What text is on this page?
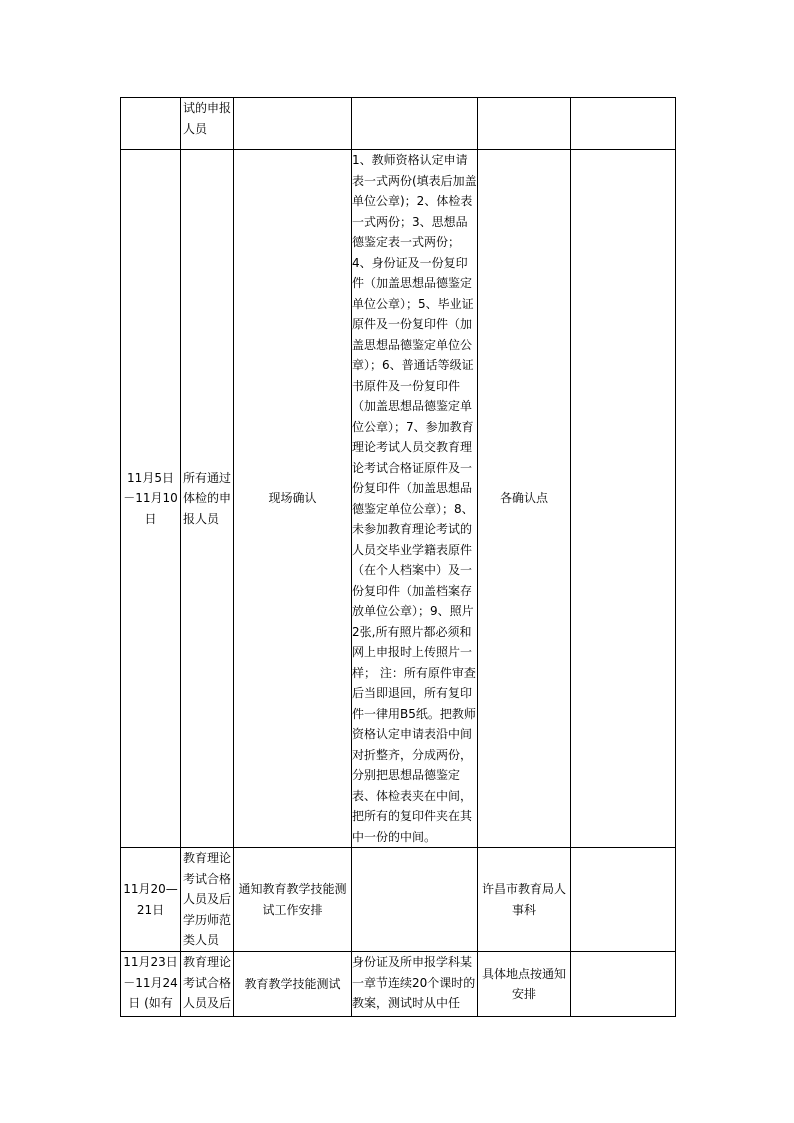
	试的申报人员				
11月5日－11月10日	所有通过体检的申报人员	现场确认	1、教师资格认定申请表一式两份(填表后加盖单位公章)；2、体检表一式两份；3、思想品德鉴定表一式两份；4、身份证及一份复印件（加盖思想品德鉴定单位公章）；5、毕业证原件及一份复印件（加盖思想品德鉴定单位公章）；6、普通话等级证书原件及一份复印件（加盖思想品德鉴定单位公章）；7、参加教育理论考试人员交教育理论考试合格证原件及一份复印件（加盖思想品德鉴定单位公章）；8、未参加教育理论考试的人员交毕业学籍表原件（在个人档案中）及一份复印件（加盖档案存放单位公章）；9、照片2张,所有照片都必须和网上申报时上传照片一样； 注：所有原件审查后当即退回，所有复印件一律用B5纸。把教师资格认定申请表沿中间对折整齐，分成两份，分别把思想品德鉴定表、体检表夹在中间，把所有的复印件夹在其中一份的中间。	各确认点	
11月20—21日	教育理论考试合格人员及后学历师范类人员	通知教育教学技能测试工作安排		许昌市教育局人事科	
11月23日－11月24日 (如有	教育理论考试合格人员及后	教育教学技能测试	身份证及所申报学科某一章节连续20个课时的教案，测试时从中任	具体地点按通知安排	
